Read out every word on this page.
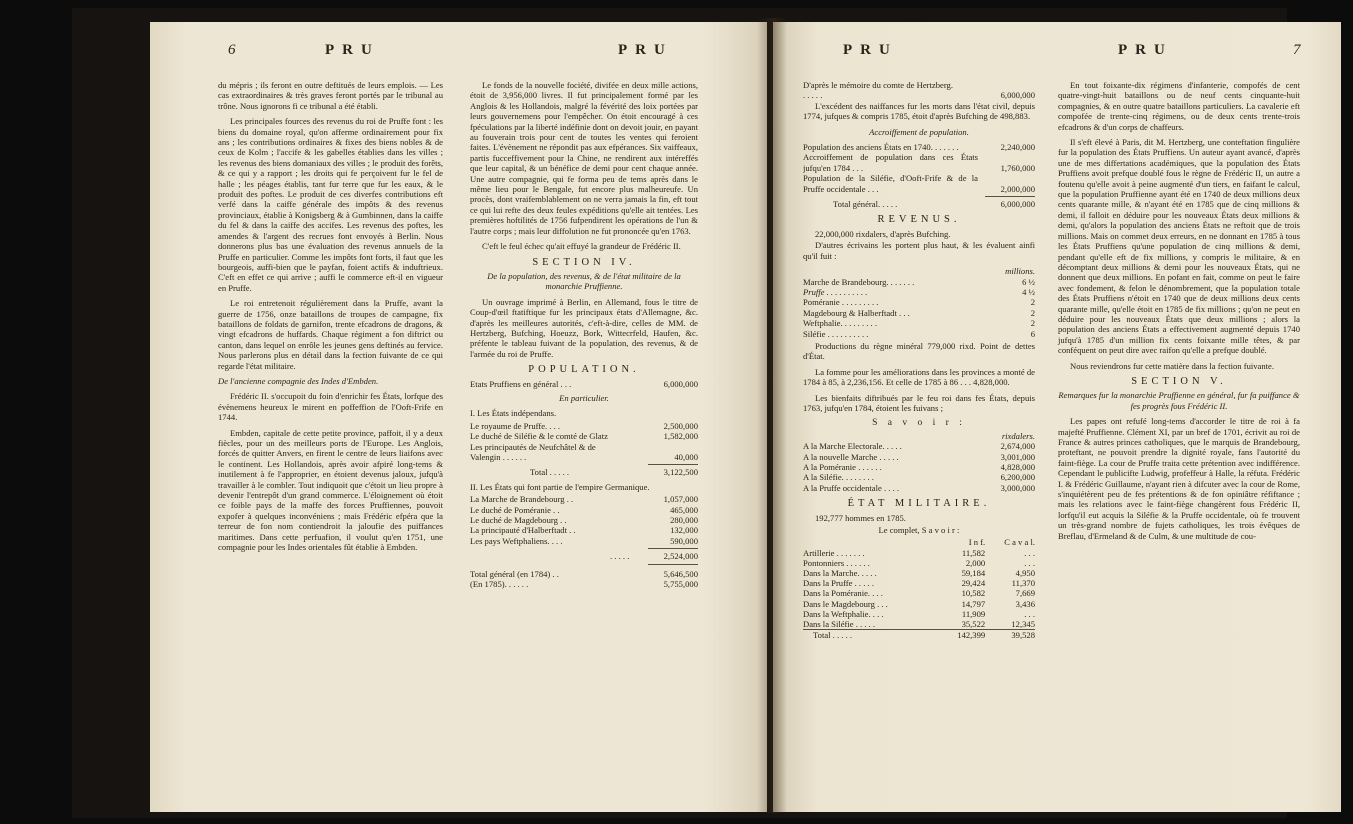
6	PRU	PRU

du mépris ; ils feront en outre deftitués de leurs emplois. — Les cas extraordinaires & très graves feront portés par le tribunal au trône. Nous ignorons fi ce tribunal a été établi.

Les principales fources des revenus du roi de Pruffe font : les biens du domaine royal, qu'on afferme ordinairement pour fix ans ; les contributions ordinaires & fixes des biens nobles & de ceux de Kolm ; l'accife & les gabelles établies dans les villes ; les revenus des biens domaniaux des villes ; le produit des forêts, & ce qui y a rapport ; les droits qui fe perçoivent fur le fel de halle ; les péages établis, tant fur terre que fur les eaux, & le produit des poftes. Le produit de ces diverfes contributions eft verfé dans la caiffe générale des impôts & des revenus provinciaux, établie à Konigsberg & à Gumbinnen, dans la caiffe du fel & dans la caiffe des accifes. Les revenus des poftes, les amendes & l'argent des recrues font envoyés à Berlin. Nous donnerons plus bas une évaluation des revenus annuels de la Pruffe en particulier. Comme les impôts font forts, il faut que les bourgeois, auffi-bien que le payfan, foient actifs & induftrieux. C'eft en effet ce qui arrive ; auffi le commerce eft-il en vigueur en Pruffe.

Le roi entretenoit régulièrement dans la Pruffe, avant la guerre de 1756, onze bataillons de troupes de campagne, fix bataillons de foldats de garnifon, trente efcadrons de dragons, & vingt efcadrons de huffards. Chaque régiment a fon diftrict ou canton, dans lequel on enrôle les jeunes gens deftinés au fervice. Nous parlerons plus en détail dans la fection fuivante de ce qui regarde l'état militaire.

De l'ancienne compagnie des Indes d'Embden.

Frédéric II. s'occupoit du foin d'enrichir fes États, lorfque des évènemens heureux le mirent en poffeffion de l'Ooft-Frife en 1744.

Embden, capitale de cette petite province, paffoit, il y a deux fiècles, pour un des meilleurs ports de l'Europe. Les Anglois, forcés de quitter Anvers, en firent le centre de leurs liaifons avec le continent. Les Hollandois, après avoir afpiré long-tems & inutilement à fe l'approprier, en étoient devenus jaloux, jufqu'à travailler à le combler. Tout indiquoit que c'étoit un lieu propre à devenir l'entrepôt d'un grand commerce. L'éloignement où étoit ce foible pays de la maffe des forces Pruffiennes, pouvoit expofer à quelques inconvéniens ; mais Frédéric efpéra que la terreur de fon nom contiendroit la jaloufie des puiffances maritimes. Dans cette perfuafion, il voulut qu'en 1751, une compagnie pour les Indes orientales fût établie à Embden.

Le fonds de la nouvelle fociété, divifée en deux mille actions, étoit de 3,956,000 livres. Il fut principalement formé par les Anglois & les Hollandois, malgré la févérité des loix portées par leurs gouvernemens pour l'empêcher. On étoit encouragé à ces fpéculations par la liberté indéfinie dont on devoit jouir, en payant au fouverain trois pour cent de toutes les ventes qui feroient faites. L'évènement ne répondit pas aux efpérances. Six vaiffeaux, partis fucceffivement pour la Chine, ne rendirent aux intéreffés que leur capital, & un bénéfice de demi pour cent chaque année. Une autre compagnie, qui fe forma peu de tems après dans le même lieu pour le Bengale, fut encore plus malheureufe. Un procès, dont vraifemblablement on ne verra jamais la fin, eft tout ce qui lui refte des deux feules expéditions qu'elle ait tentées. Les premières hoftilités de 1756 fufpendirent les opérations de l'un & l'autre corps ; mais leur diffolution ne fut prononcée qu'en 1763.

C'eft le feul échec qu'ait effuyé la grandeur de Frédéric II.

SECTION IV.

De la population, des revenus, & de l'état militaire de la monarchie Pruffienne.

Un ouvrage imprimé à Berlin, en Allemand, fous le titre de Coup-d'œil ftatiftique fur les principaux états d'Allemagne, &c. d'après les meilleures autorités, c'eft-à-dire, celles de MM. de Hertzberg, Bufching, Hoeuzz, Bork, Wittecrfeld, Haufen, &c. préfente le tableau fuivant de la population, des revenus, & de l'armée du roi de Pruffe.

POPULATION.
Etats Pruffiens en général . . .	6,000,000

En particulier.

I. Les États indépendans.

Le royaume de Pruffe. . . .	2,500,000
Le duché de Siléfie & le comté de Glatz	1,582,000
Les principautés de Neufchâtel & de
Valengin . . . . . .	40,000
Total . . . . .	3,122,500

II. Les États qui font partie de l'empire Germanique.

La Marche de Brandebourg . .	1,057,000
Le duché de Poméranie . .	465,000
Le duché de Magdebourg . .	280,000
La principauté d'Halberftadt . .	132,000
Les pays Weftphaliens. . . .	590,000
. . . . .	2,524,000
Total général (en 1784) . .	5,646,500
(En 1785). . . . . .	5,755,000
PRU	PRU	7
D'après le mémoire du comte de Hertzberg. . . . . .	6,000,000

L'excédent des naiffances fur les morts dans l'état civil, depuis 1774, jufques & compris 1785, étoit d'après Bufching de 498,883.

Accroiffement de population.

Population des anciens États en 1740. . . . . . .	2,240,000
Accroiffement de population dans ces États jufqu'en 1784 . . .	1,760,000
Population de la Siléfie, d'Ooft-Frife & de la Pruffe occidentale . . .	2,000,000
Total général. . . . .	6,000,000
REVENUS.

22,000,000 rixdalers, d'après Bufching.

D'autres écrivains les portent plus haut, & les évaluent ainfi qu'il fuit :

millions.
Marche de Brandebourg. . . . . . .	6 ½
Pruffe . . . . . . . . . .	4 ½
Poméranie . . . . . . . . .	2
Magdebourg & Halberftadt . . .	2
Weftphalie. . . . . . . . .	2
Siléfie . . . . . . . . . .	6

Productions du règne minéral 779,000 rixd. Point de dettes d'État.

La fomme pour les améliorations dans les provinces a monté de 1784 à 85, à 2,236,156. Et celle de 1785 à 86 . . . 4,828,000.

Les bienfaits diftribués par le feu roi dans fes États, depuis 1763, jufqu'en 1784, étoient les fuivans ;

S a v o i r :
rixdalers.
A la Marche Electorale. . . . .	2,674,000
A la nouvelle Marche . . . . .	3,001,000
A la Poméranie . . . . . .	4,828,000
A la Siléfie. . . . . . . .	6,200,000
A la Pruffe occidentale . . . .	3,000,000
ÉTAT MILITAIRE.

192,777 hommes en 1785.

Le complet, S a v o i r :

	I n f.	C a v a l.
Artillerie . . . . . . .	11,582	. . .
Pontonniers . . . . . .	2,000	. . .
Dans la Marche. . . . .	59,184	4,950
Dans la Pruffe . . . . .	29,424	11,370
Dans la Poméranie. . . .	10,582	7,669
Dans le Magdebourg . . .	14,797	3,436
Dans la Weftphalie. . . .	11,909	. . .
Dans la Siléfie . . . . .	35,522	12,345
Total . . . . .	142,399	39,528

En tout foixante-dix régimens d'infanterie, compofés de cent quatre-vingt-huit bataillons ou de neuf cents cinquante-huit compagnies, & en outre quatre bataillons particuliers. La cavalerie eft compofée de trente-cinq régimens, ou de deux cents trente-trois efcadrons & d'un corps de chaffeurs.

Il s'eft élevé à Paris, dit M. Hertzberg, une conteftation fingulière fur la population des États Pruffiens. Un auteur ayant avancé, d'après une de mes differtations académiques, que la population des États Pruffiens avoit prefque doublé fous le règne de Frédéric II, un autre a foutenu qu'elle avoit à peine augmenté d'un tiers, en faifant le calcul, que la population Pruffienne ayant été en 1740 de deux millions deux cents quarante mille, & n'ayant été en 1785 que de cinq millions & demi, il falloit en déduire pour les nouveaux États deux millions & demi, qu'alors la population des anciens États ne reftoit que de trois millions. Mais on commet deux erreurs, en ne donnant en 1785 à tous les États Pruffiens qu'une population de cinq millions & demi, pendant qu'elle eft de fix millions, y compris le militaire, & en décomptant deux millions & demi pour les nouveaux États, qui ne donnent que deux millions. En pofant en fait, comme on peut le faire avec fondement, & felon le dénombrement, que la population totale des États Pruffiens n'étoit en 1740 que de deux millions deux cents quarante mille, qu'elle étoit en 1785 de fix millions ; qu'on ne peut en déduire pour les nouveaux États que deux millions ; alors la population des anciens États a effectivement augmenté depuis 1740 jufqu'à 1785 d'un million fix cents foixante mille têtes, & par conféquent on peut dire avec raifon qu'elle a prefque doublé.

Nous reviendrons fur cette matière dans la fection fuivante.

SECTION V.

Remarques fur la monarchie Pruffienne en général, fur fa puiffance & fes progrès fous Frédéric II.

Les papes ont refufé long-tems d'accorder le titre de roi à fa majefté Pruffienne. Clément XI, par un bref de 1701, écrivit au roi de France & autres princes catholiques, que le marquis de Brandebourg, proteftant, ne pouvoit prendre la dignité royale, fans l'autorité du faint-fiège. La cour de Pruffe traita cette prétention avec indifférence. Cependant le publicifte Ludwig, profeffeur à Halle, la réfuta. Frédéric I. & Frédéric Guillaume, n'ayant rien à difcuter avec la cour de Rome, s'inquiétèrent peu de fes prétentions & de fon opiniâtre réfiftance ; mais les relations avec le faint-fiège changèrent fous Frédéric II, lorfqu'il eut acquis la Siléfie & la Pruffe occidentale, où fe trouvent un très-grand nombre de fujets catholiques, les trois évêques de Breflau, d'Ermeland & de Culm, & une multitude de cou-
